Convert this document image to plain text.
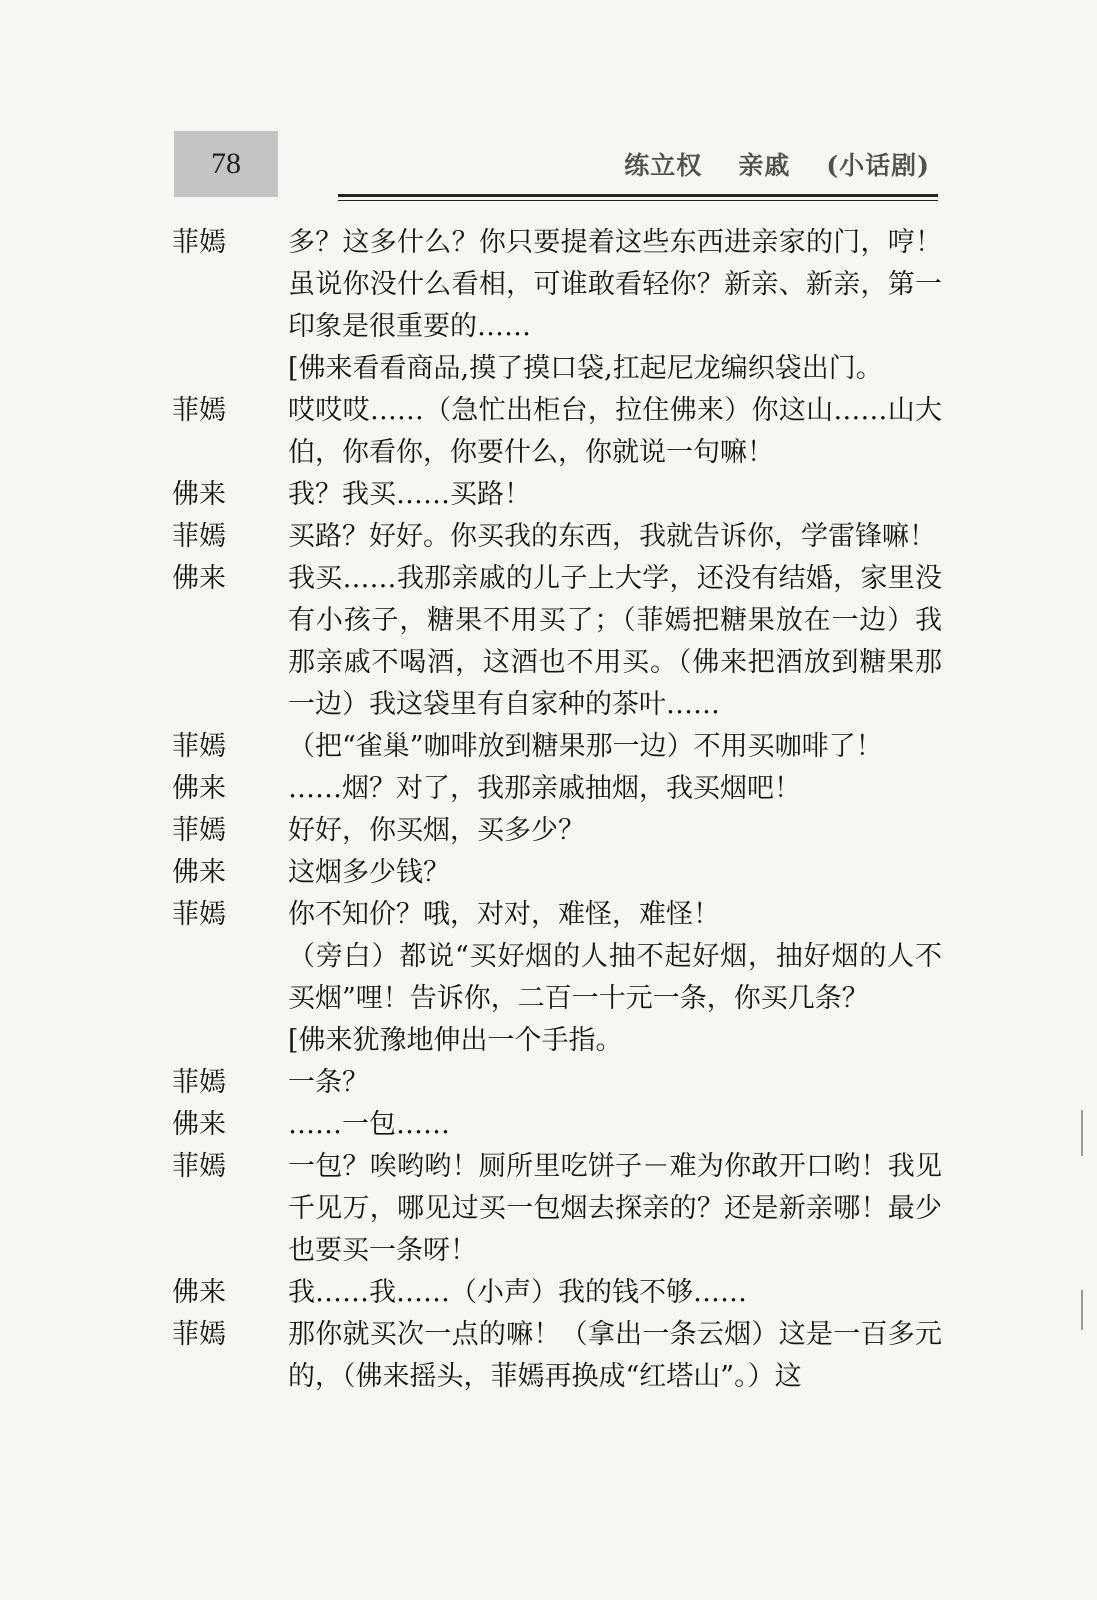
78	练立权 亲戚 (小话剧)
菲嫣	多？这多什么？你只要提着这些东西进亲家的门，哼！虽说你没什么看相，可谁敢看轻你？新亲、新亲，第一印象是很重要的……
[佛来看看商品,摸了摸口袋,扛起尼龙编织袋出门。
菲嫣	哎哎哎……（急忙出柜台，拉住佛来）你这山……山大伯，你看你，你要什么，你就说一句嘛！
佛来	我？我买……买路！
菲嫣	买路？好好。你买我的东西，我就告诉你，学雷锋嘛！
佛来	我买……我那亲戚的儿子上大学，还没有结婚，家里没有小孩子，糖果不用买了；（菲嫣把糖果放在一边）我那亲戚不喝酒，这酒也不用买。（佛来把酒放到糖果那一边）我这袋里有自家种的茶叶……
菲嫣	（把“雀巢”咖啡放到糖果那一边）不用买咖啡了！
佛来	……烟？对了，我那亲戚抽烟，我买烟吧！
菲嫣	好好，你买烟，买多少？
佛来	这烟多少钱？
菲嫣	你不知价？哦，对对，难怪，难怪！
（旁白）都说“买好烟的人抽不起好烟，抽好烟的人不买烟”哩！告诉你，二百一十元一条，你买几条？
[佛来犹豫地伸出一个手指。
菲嫣	一条？
佛来	……一包……
菲嫣	一包？唉哟哟！厕所里吃饼子－难为你敢开口哟！我见千见万，哪见过买一包烟去探亲的？还是新亲哪！最少也要买一条呀！
佛来	我……我……（小声）我的钱不够……
菲嫣	那你就买次一点的嘛！（拿出一条云烟）这是一百多元的，（佛来摇头，菲嫣再换成“红塔山”。）这
